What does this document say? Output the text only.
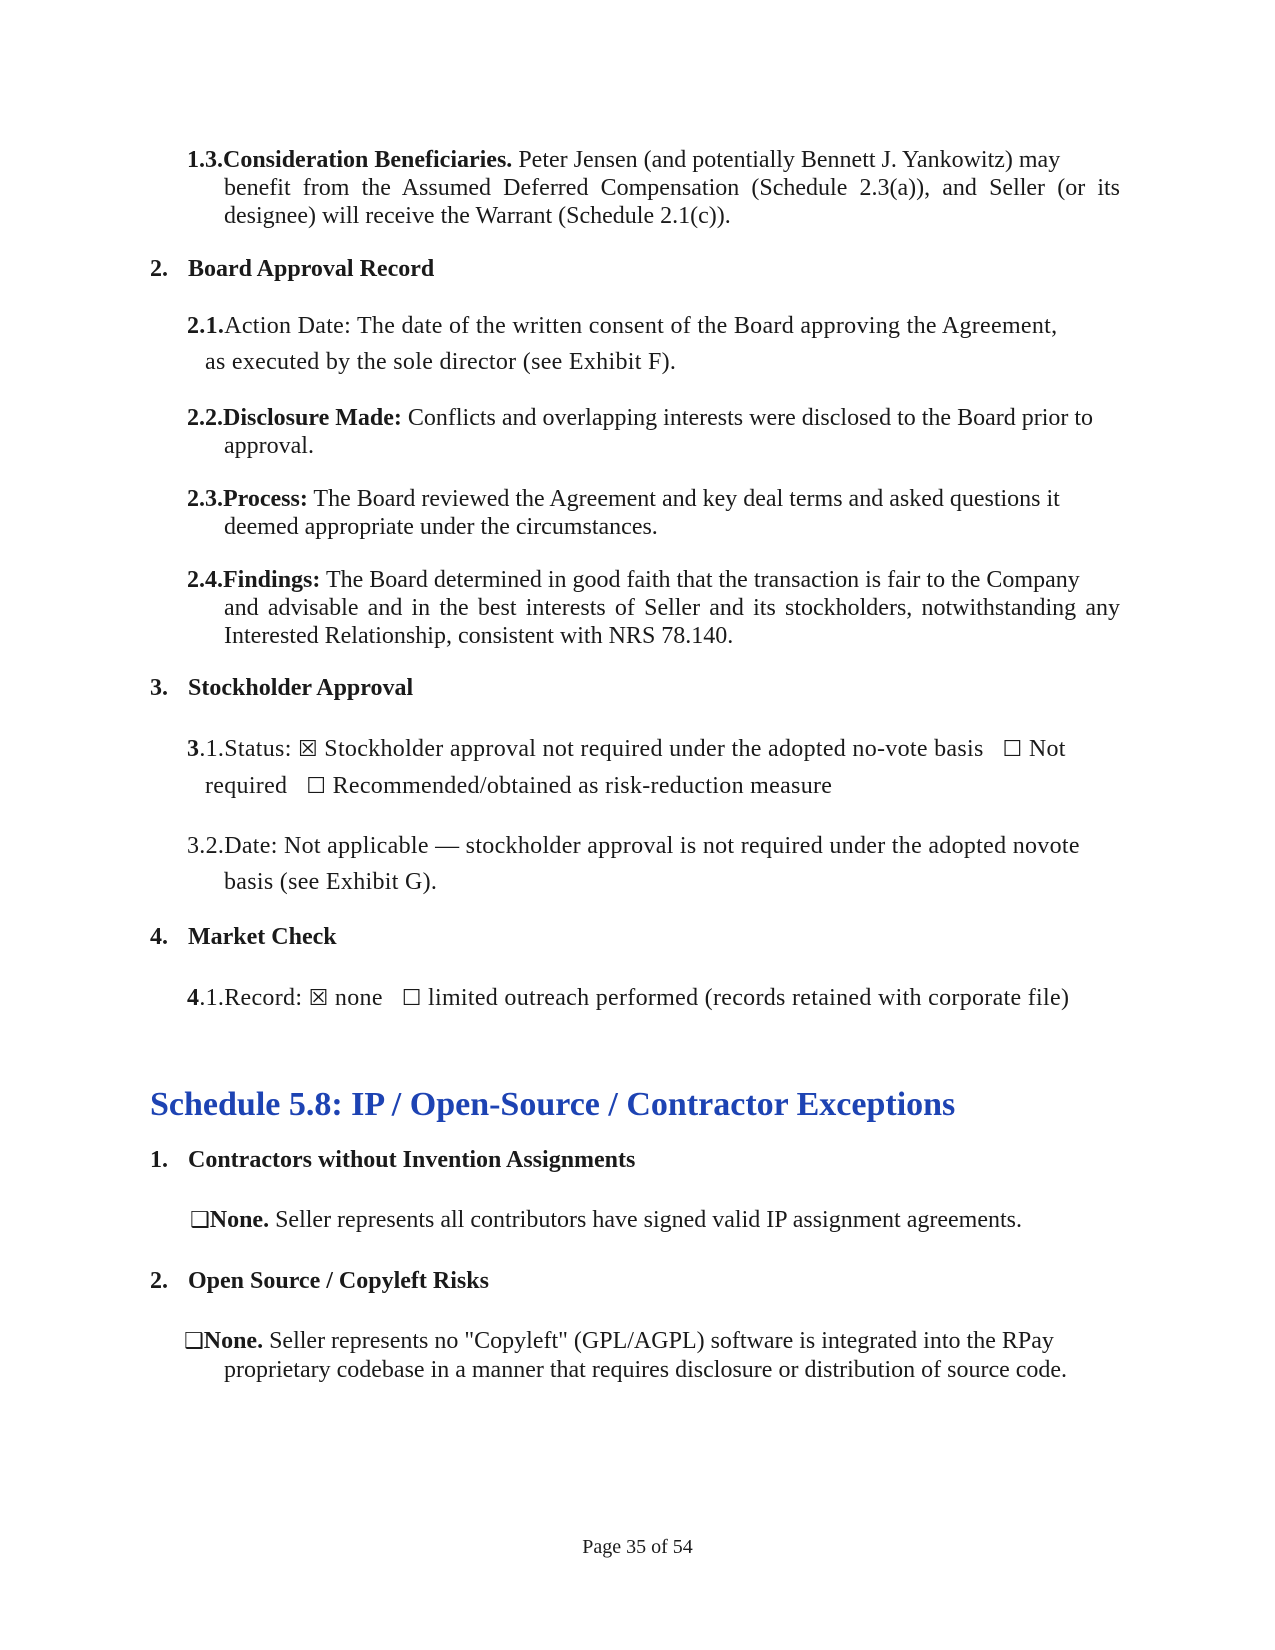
1.3.Consideration Beneficiaries. Peter Jensen (and potentially Bennett J. Yankowitz) may
benefit from the Assumed Deferred Compensation (Schedule 2.3(a)), and Seller (or its designee) will receive the Warrant (Schedule 2.1(c)).
2. Board Approval Record
2.1.Action Date: The date of the written consent of the Board approving the Agreement,
as executed by the sole director (see Exhibit F).
2.2.Disclosure Made: Conflicts and overlapping interests were disclosed to the Board prior to
approval.
2.3.Process: The Board reviewed the Agreement and key deal terms and asked questions it
deemed appropriate under the circumstances.
2.4.Findings: The Board determined in good faith that the transaction is fair to the Company
and advisable and in the best interests of Seller and its stockholders, notwithstanding any Interested Relationship, consistent with NRS 78.140.
3. Stockholder Approval
3.1.Status: ☒ Stockholder approval not required under the adopted no-vote basis   ☐ Not
required   ☐ Recommended/obtained as risk-reduction measure
3.2.Date: Not applicable — stockholder approval is not required under the adopted novote
basis (see Exhibit G).
4. Market Check
4.1.Record: ☒ none   ☐ limited outreach performed (records retained with corporate file)
Schedule 5.8: IP / Open-Source / Contractor Exceptions
1. Contractors without Invention Assignments
❑None. Seller represents all contributors have signed valid IP assignment agreements.
2. Open Source / Copyleft Risks
❑None. Seller represents no "Copyleft" (GPL/AGPL) software is integrated into the RPay
proprietary codebase in a manner that requires disclosure or distribution of source code.
Page 35 of 54
